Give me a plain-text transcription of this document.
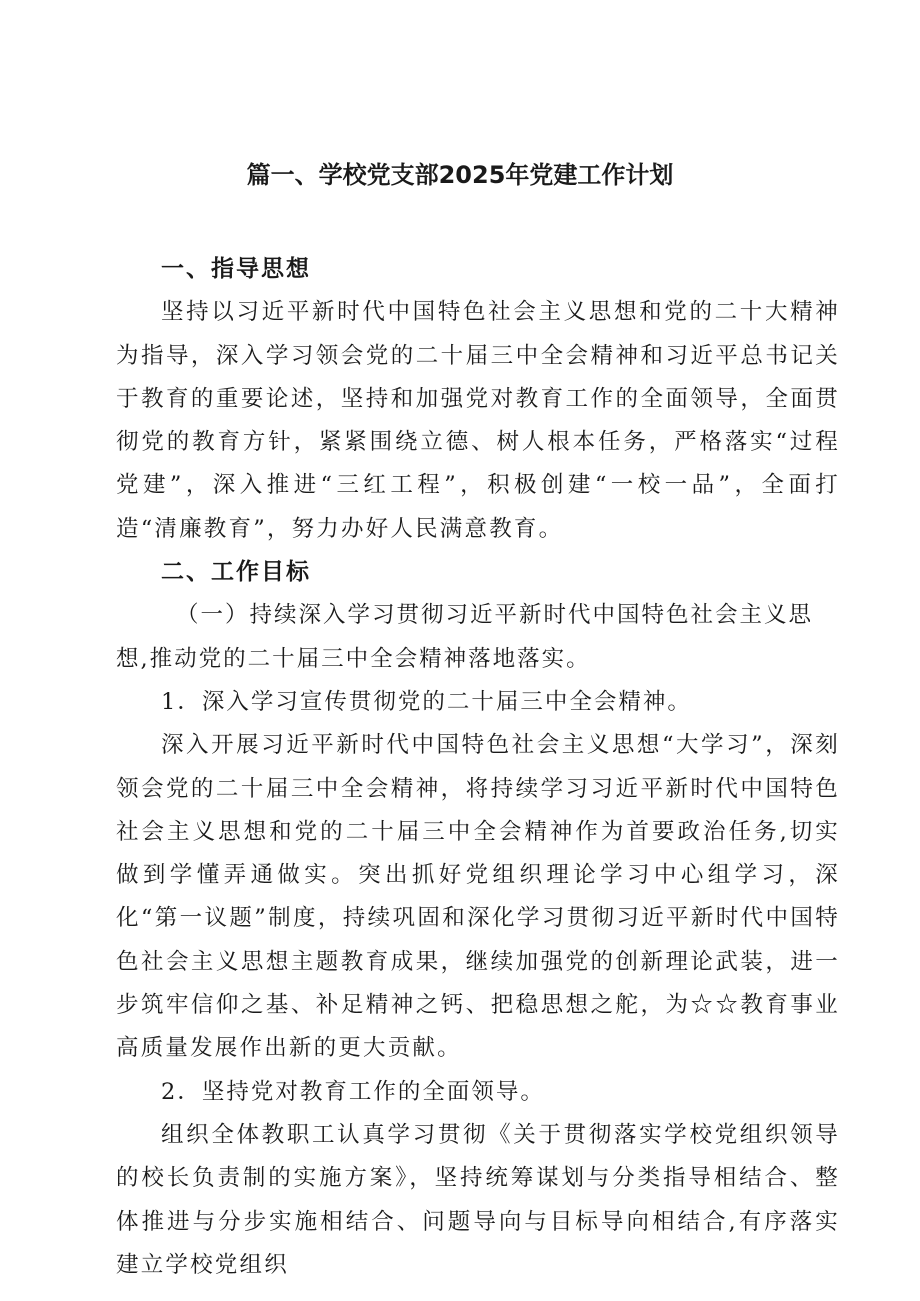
篇一、学校党支部2025年党建工作计划
一、指导思想

坚持以习近平新时代中国特色社会主义思想和党的二十大精神为指导，深入学习领会党的二十届三中全会精神和习近平总书记关于教育的重要论述，坚持和加强党对教育工作的全面领导，全面贯彻党的教育方针，紧紧围绕立德、树人根本任务，严格落实“过程党建”，深入推进“三红工程”，积极创建“一校一品”，全面打造“清廉教育”，努力办好人民满意教育。

二、工作目标

（一）持续深入学习贯彻习近平新时代中国特色社会主义思想,推动党的二十届三中全会精神落地落实。

1．深入学习宣传贯彻党的二十届三中全会精神。

深入开展习近平新时代中国特色社会主义思想“大学习”，深刻领会党的二十届三中全会精神，将持续学习习近平新时代中国特色社会主义思想和党的二十届三中全会精神作为首要政治任务,切实做到学懂弄通做实。突出抓好党组织理论学习中心组学习，深化“第一议题”制度，持续巩固和深化学习贯彻习近平新时代中国特色社会主义思想主题教育成果，继续加强党的创新理论武装，进一步筑牢信仰之基、补足精神之钙、把稳思想之舵，为☆☆教育事业高质量发展作出新的更大贡献。

2．坚持党对教育工作的全面领导。

组织全体教职工认真学习贯彻《关于贯彻落实学校党组织领导的校长负责制的实施方案》，坚持统筹谋划与分类指导相结合、整体推进与分步实施相结合、问题导向与目标导向相结合,有序落实建立学校党组织
